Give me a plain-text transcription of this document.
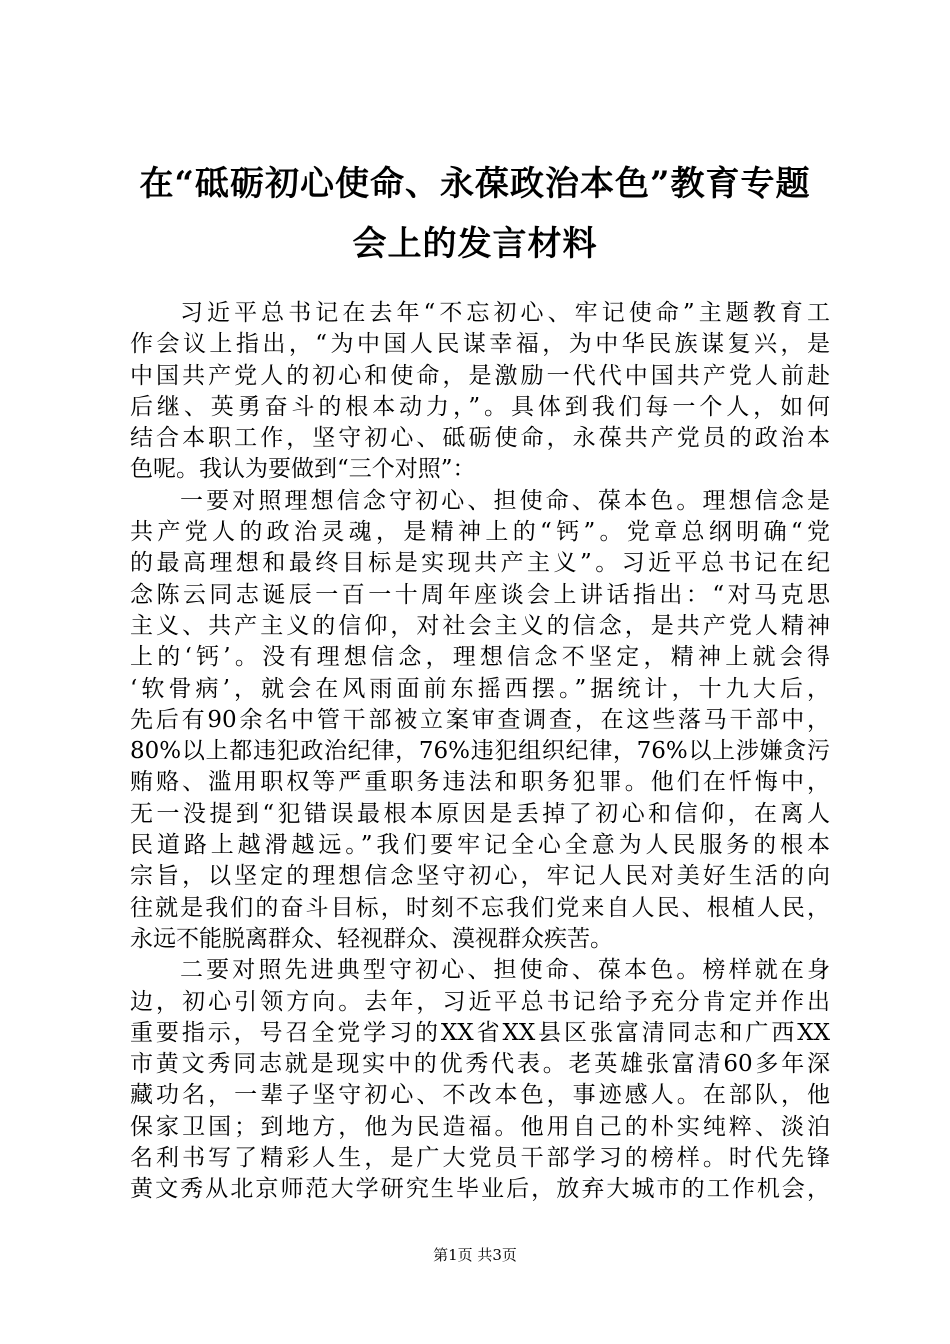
在“砥砺初心使命、永葆政治本色”教育专题
会上的发言材料
习近平总书记在去年“不忘初心、牢记使命”主题教育工
作会议上指出，“为中国人民谋幸福，为中华民族谋复兴，是
中国共产党人的初心和使命，是激励一代代中国共产党人前赴
后继、英勇奋斗的根本动力，”。具体到我们每一个人，如何
结合本职工作，坚守初心、砥砺使命，永葆共产党员的政治本
色呢。我认为要做到“三个对照”：
一要对照理想信念守初心、担使命、葆本色。理想信念是
共产党人的政治灵魂，是精神上的“钙”。党章总纲明确“党
的最高理想和最终目标是实现共产主义”。习近平总书记在纪
念陈云同志诞辰一百一十周年座谈会上讲话指出：“对马克思
主义、共产主义的信仰，对社会主义的信念，是共产党人精神
上的‘钙’。没有理想信念，理想信念不坚定，精神上就会得
‘软骨病’，就会在风雨面前东摇西摆。”据统计，十九大后，
先后有90余名中管干部被立案审查调查，在这些落马干部中，
80%以上都违犯政治纪律，76%违犯组织纪律，76%以上涉嫌贪污
贿赂、滥用职权等严重职务违法和职务犯罪。他们在忏悔中，
无一没提到“犯错误最根本原因是丢掉了初心和信仰，在离人
民道路上越滑越远。”我们要牢记全心全意为人民服务的根本
宗旨，以坚定的理想信念坚守初心，牢记人民对美好生活的向
往就是我们的奋斗目标，时刻不忘我们党来自人民、根植人民，
永远不能脱离群众、轻视群众、漠视群众疾苦。
二要对照先进典型守初心、担使命、葆本色。榜样就在身
边，初心引领方向。去年，习近平总书记给予充分肯定并作出
重要指示，号召全党学习的XX省XX县区张富清同志和广西XX
市黄文秀同志就是现实中的优秀代表。老英雄张富清60多年深
藏功名，一辈子坚守初心、不改本色，事迹感人。在部队，他
保家卫国；到地方，他为民造福。他用自己的朴实纯粹、淡泊
名利书写了精彩人生，是广大党员干部学习的榜样。时代先锋
黄文秀从北京师范大学研究生毕业后，放弃大城市的工作机会，
第1页 共3页
